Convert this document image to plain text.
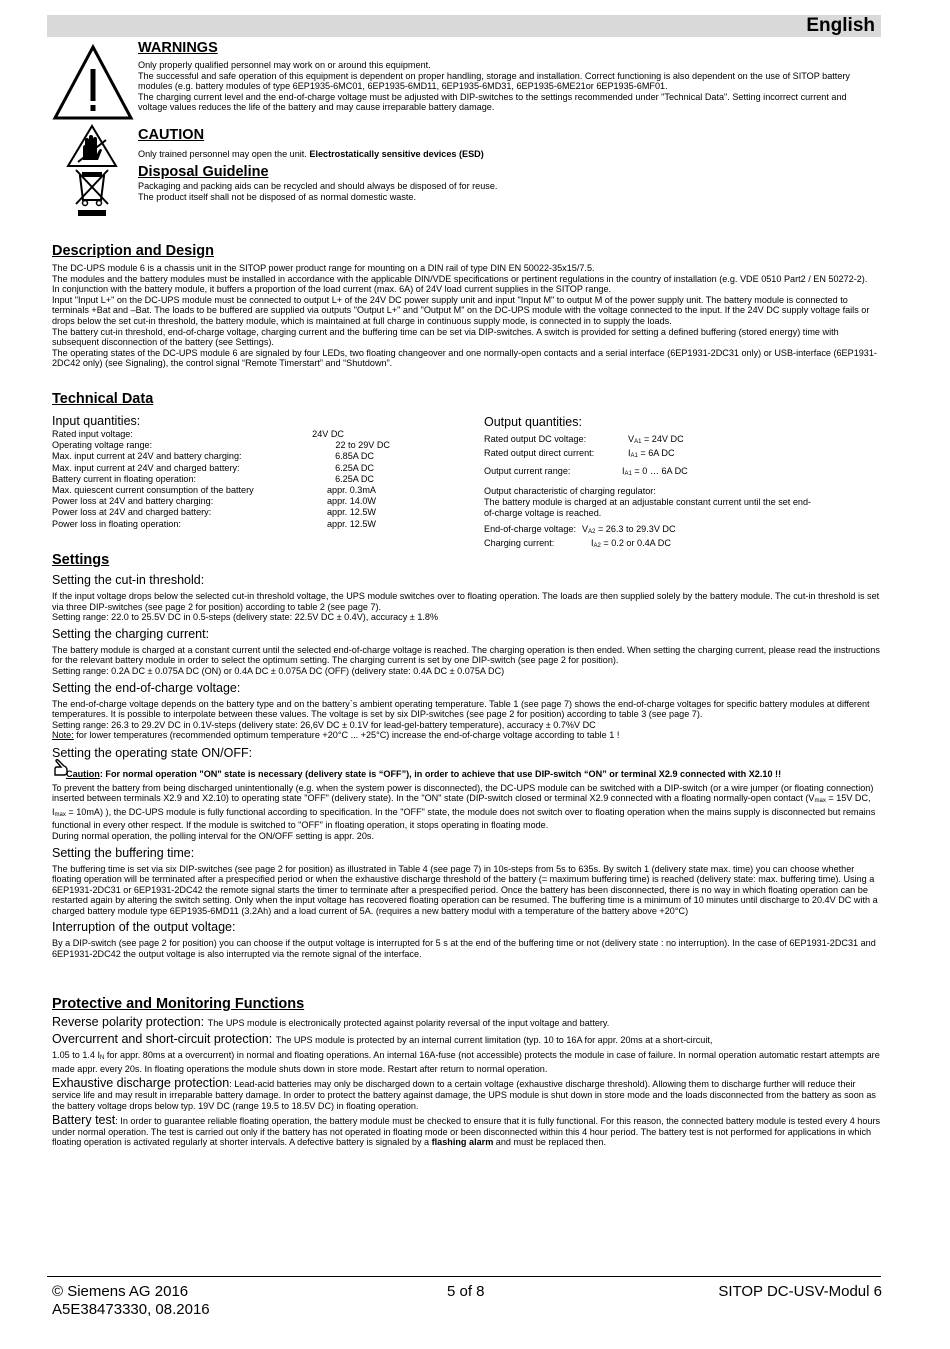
English
WARNINGS

Only properly qualified personnel may work on or around this equipment.

The successful and safe operation of this equipment is dependent on proper handling, storage and installation. Correct functioning is also dependent on the use of SITOP battery modules (e.g. battery modules of type 6EP1935-6MC01, 6EP1935-6MD11, 6EP1935-6MD31, 6EP1935-6ME21or 6EP1935-6MF01.

The charging current level and the end-of-charge voltage must be adjusted with DIP-switches to the settings recommended under "Technical Data". Setting incorrect current and voltage values reduces the life of the battery and may cause irreparable battery damage.

CAUTION

Only trained personnel may open the unit. Electrostatically sensitive devices (ESD)

Disposal Guideline

Packaging and packing aids can be recycled and should always be disposed of for reuse.

The product itself shall not be disposed of as normal domestic waste.

Description and Design

The DC-UPS module 6 is a chassis unit in the SITOP power product range for mounting on a DIN rail of type DIN EN 50022-35x15/7.5.

The modules and the battery modules must be installed in accordance with the applicable DIN/VDE specifications or pertinent regulations in the country of installation (e.g. VDE 0510 Part2 / EN 50272-2).

In conjunction with the battery module, it buffers a proportion of the load current (max. 6A) of 24V load current supplies in the SITOP range.

Input "Input L+" on the DC-UPS module must be connected to output L+ of the 24V DC power supply unit and input "Input M" to output M of the power supply unit. The battery module is connected to terminals +Bat and –Bat. The loads to be buffered are supplied via outputs "Output L+" and "Output M" on the DC-UPS module with the voltage connected to the input. If the 24V DC supply voltage fails or drops below the set cut-in threshold, the battery module, which is maintained at full charge in continuous supply mode, is connected in to supply the loads.

The battery cut-in threshold, end-of-charge voltage, charging current and the buffering time can be set via DIP-switches. A switch is provided for setting a defined buffering (stored energy) time with subsequent disconnection of the battery (see Settings).

The operating states of the DC-UPS module 6 are signaled by four LEDs, two floating changeover and one normally-open contacts and a serial interface (6EP1931-2DC31 only) or USB-interface (6EP1931-2DC42 only) (see Signaling), the control signal “Remote Timerstart” and “Shutdown”.

Technical Data
Input quantities:
Rated input voltage:	24V DC
Operating voltage range:	22 to 29V DC
Max. input current at 24V and battery charging:	6.85A DC
Max. input current at 24V and charged battery:	6.25A DC
Battery current in floating operation:	6.25A DC
Max. quiescent current consumption of the battery	appr. 0.3mA
Power loss at 24V and battery charging:	appr. 14.0W
Power loss at 24V and charged battery:	appr. 12.5W
Power loss in floating operation:	appr. 12.5W
Output quantities:
Rated output DC voltage:	$V_{A1} = 24V$ DC
Rated output direct current:	$I_{A1} = 6A$ DC
Output current range:	$I_{A1} = 0$ … 6A DC
Output characteristic of charging regulator:
The battery module is charged at an adjustable constant current until the set end-of-charge voltage is reached.
End-of-charge voltage: $V_{A2} = 26.3$ to 29.3V DC
Charging current:	$I_{A2} = 0.2$ or 0.4A DC
Settings
Setting the cut-in threshold:

If the input voltage drops below the selected cut-in threshold voltage, the UPS module switches over to floating operation. The loads are then supplied solely by the battery module. The cut-in threshold is set via three DIP-switches (see page 2 for position) according to table 2 (see page 7).

Setting range: 22.0 to 25.5V DC in 0.5-steps (delivery state: 22.5V DC ± 0.4V), accuracy ± 1.8%

Setting the charging current:

The battery module is charged at a constant current until the selected end-of-charge voltage is reached. The charging operation is then ended. When setting the charging current, please read the instructions for the relevant battery module in order to select the optimum setting. The charging current is set by one DIP-switch (see page 2 for position).

Setting range: 0.2A DC ± 0.075A DC (ON) or 0.4A DC ± 0.075A DC (OFF) (delivery state: 0.4A DC ± 0.075A DC)

Setting the end-of-charge voltage:

The end-of-charge voltage depends on the battery type and on the battery`s ambient operating temperature. Table 1 (see page 7) shows the end-of-charge voltages for specific battery modules at different temperatures. It is possible to interpolate between these values. The voltage is set by six DIP-switches (see page 2 for position) according to table 3 (see page 7).

Setting range: 26.3 to 29.2V DC in 0.1V-steps (delivery state: 26,6V DC ± 0.1V for lead-gel-battery temperature), accuracy ± 0.7%V DC

Note: for lower temperatures (recommended optimum temperature +20°C ... +25°C) increase the end-of-charge voltage according to table 1 !

Setting the operating state ON/OFF:

Caution: For normal operation "ON" state is necessary (delivery state is “OFF”), in order to achieve that use DIP-switch “ON” or terminal X2.9 connected with X2.10 !!

To prevent the battery from being discharged unintentionally (e.g. when the system power is disconnected), the DC-UPS module can be switched with a DIP-switch (or a wire jumper (or floating connection) inserted between terminals X2.9 and X2.10) to operating state "OFF" (delivery state). In the "ON" state (DIP-switch closed or terminal X2.9 connected with a floating normally-open contact ($V_{max} = 15V$ DC, $I_{max} = 10mA$) ), the DC-UPS module is fully functional according to specification. In the "OFF" state, the module does not switch over to floating operation when the mains supply is disconnected but remains functional in every other respect. If the module is switched to "OFF" in floating operation, it stops operating in floating mode.

During normal operation, the polling interval for the ON/OFF setting is appr. 20s.

Setting the buffering time:

The buffering time is set via six DIP-switches (see page 2 for position) as illustrated in Table 4 (see page 7) in 10s-steps from 5s to 635s. By switch 1 (delivery state max. time) you can choose whether floating operation will be terminated after a prespecified period or when the exhaustive discharge threshold of the battery (= maximum buffering time) is reached (delivery state: max. buffering time). Using a 6EP1931-2DC31 or 6EP1931-2DC42 the remote signal starts the timer to terminate after a prespecified period. Once the battery has been disconnected, there is no way in which floating operation can be restarted again by altering the switch setting. Only when the input voltage has recovered floating operation can be resumed. The buffering time is a minimum of 10 minutes until discharge to 20.4V DC with a charged battery module type 6EP1935-6MD11 (3.2Ah) and a load current of 5A. (requires a new battery modul with a temperature of the battery above +20°C)

Interruption of the output voltage:

By a DIP-switch (see page 2 for position) you can choose if the output voltage is interrupted for 5 s at the end of the buffering time or not (delivery state : no interruption). In the case of 6EP1931-2DC31 and 6EP1931-2DC42 the output voltage is also interrupted via the remote signal of the interface.

Protective and Monitoring Functions

Reverse polarity protection: The UPS module is electronically protected against polarity reversal of the input voltage and battery.

Overcurrent and short-circuit protection: The UPS module is protected by an internal current limitation (typ. 10 to 16A for appr. 20ms at a short-circuit,

1.05 to 1.4 $I_N$ for appr. 80ms at a overcurrent) in normal and floating operations. An internal 16A-fuse (not accessible) protects the module in case of failure. In normal operation automatic restart attempts are made appr. every 20s. In floating operations the module shuts down in store mode. Restart after return to normal operation.

Exhaustive discharge protection: Lead-acid batteries may only be discharged down to a certain voltage (exhaustive discharge threshold). Allowing them to discharge further will reduce their service life and may result in irreparable battery damage. In order to protect the battery against damage, the UPS module is shut down in store mode and the loads disconnected from the battery as soon as the battery voltage drops below typ. 19V DC (range 19.5 to 18.5V DC) in floating operation.

Battery test: In order to guarantee reliable floating operation, the battery module must be checked to ensure that it is fully functional. For this reason, the connected battery module is tested every 4 hours under normal operation. The test is carried out only if the battery has not operated in floating mode or been disconnected within this 4 hour period. The battery test is not performed for applications in which floating operation is activated regularly at shorter intervals. A defective battery is signaled by a flashing alarm and must be replaced then.

© Siemens AG 2016
A5E38473330, 08.2016
5 of 8	SITOP DC-USV-Modul 6
